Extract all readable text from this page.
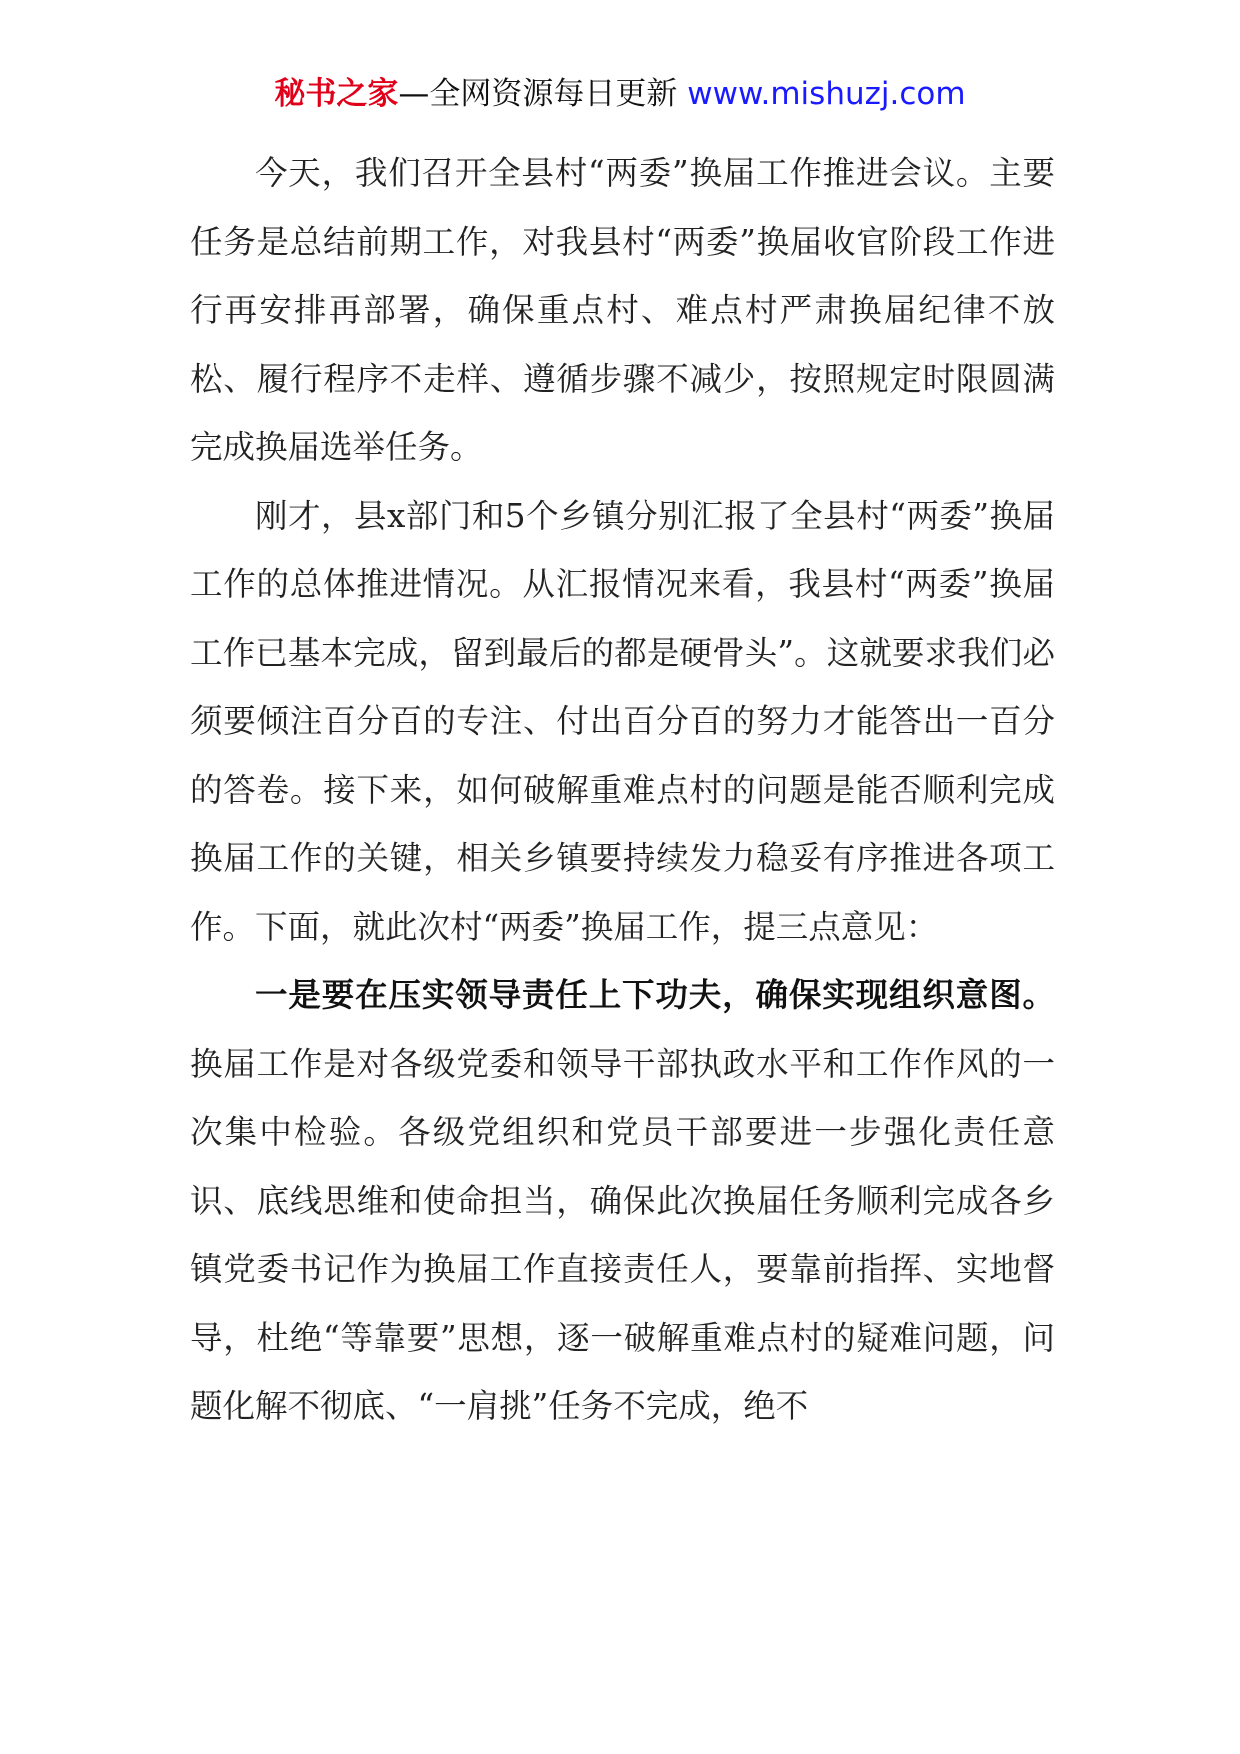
秘书之家—全网资源每日更新 www.mishuzj.com

今天，我们召开全县村“两委”换届工作推进会议。主要任务是总结前期工作，对我县村“两委”换届收官阶段工作进行再安排再部署，确保重点村、难点村严肃换届纪律不放松、履行程序不走样、遵循步骤不减少，按照规定时限圆满完成换届选举任务。

刚才，县x部门和5个乡镇分别汇报了全县村“两委”换届工作的总体推进情况。从汇报情况来看，我县村“两委”换届工作已基本完成，留到最后的都是硬骨头”。这就要求我们必须要倾注百分百的专注、付出百分百的努力才能答出一百分的答卷。接下来，如何破解重难点村的问题是能否顺利完成换届工作的关键，相关乡镇要持续发力稳妥有序推进各项工作。下面，就此次村“两委”换届工作，提三点意见：

一是要在压实领导责任上下功夫，确保实现组织意图。换届工作是对各级党委和领导干部执政水平和工作作风的一次集中检验。各级党组织和党员干部要进一步强化责任意识、底线思维和使命担当，确保此次换届任务顺利完成各乡镇党委书记作为换届工作直接责任人，要靠前指挥、实地督导，杜绝“等靠要”思想，逐一破解重难点村的疑难问题，问题化解不彻底、“一肩挑”任务不完成，绝不
